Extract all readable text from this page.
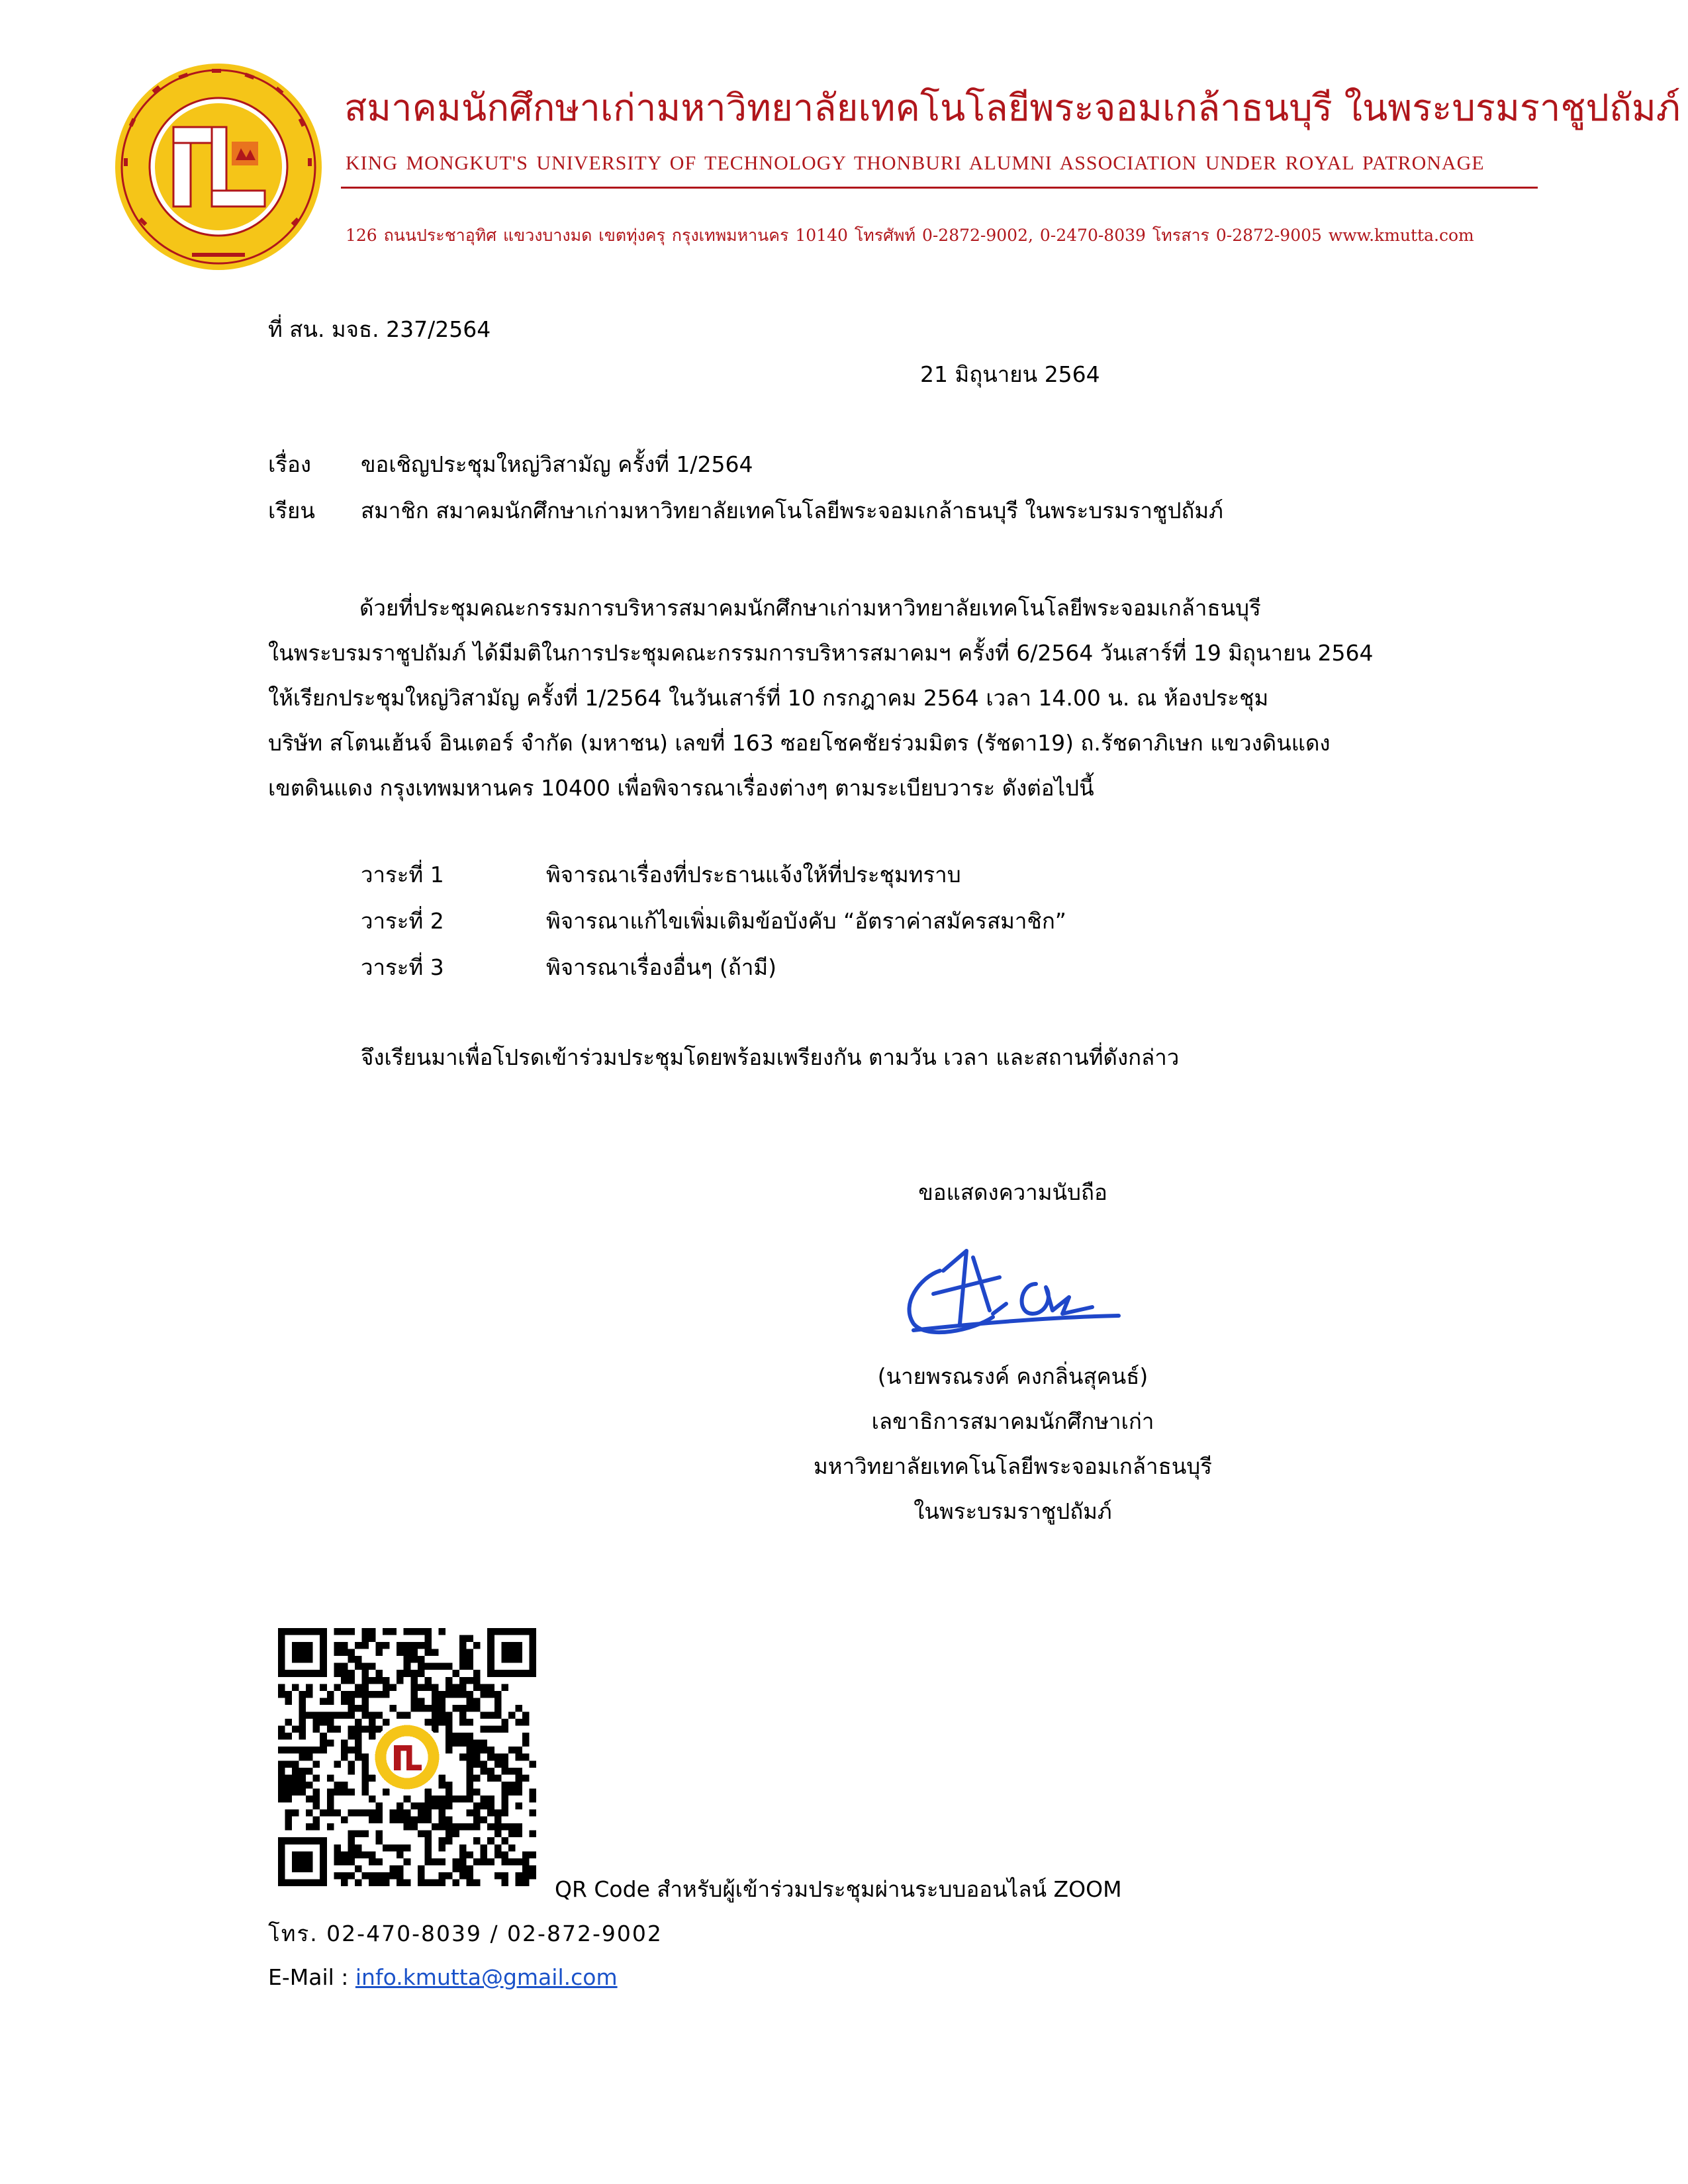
สมาคมนักศึกษาเก่ามหาวิทยาลัยเทคโนโลยีพระจอมเกล้าธนบุรี ในพระบรมราชูปถัมภ์
KING MONGKUT'S UNIVERSITY OF TECHNOLOGY THONBURI ALUMNI ASSOCIATION UNDER ROYAL PATRONAGE
126 ถนนประชาอุทิศ แขวงบางมด เขตทุ่งครุ กรุงเทพมหานคร 10140 โทรศัพท์ 0-2872-9002, 0-2470-8039 โทรสาร 0-2872-9005 www.kmutta.com
ที่ สน. มจธ. 237/2564
21 มิถุนายน 2564
เรื่อง ขอเชิญประชุมใหญ่วิสามัญ ครั้งที่ 1/2564
เรียน สมาชิก สมาคมนักศึกษาเก่ามหาวิทยาลัยเทคโนโลยีพระจอมเกล้าธนบุรี ในพระบรมราชูปถัมภ์

ด้วยที่ประชุมคณะกรรมการบริหารสมาคมนักศึกษาเก่ามหาวิทยาลัยเทคโนโลยีพระจอมเกล้าธนบุรี

ในพระบรมราชูปถัมภ์ ได้มีมติในการประชุมคณะกรรมการบริหารสมาคมฯ ครั้งที่ 6/2564 วันเสาร์ที่ 19 มิถุนายน 2564

ให้เรียกประชุมใหญ่วิสามัญ ครั้งที่ 1/2564 ในวันเสาร์ที่ 10 กรกฎาคม 2564 เวลา 14.00 น. ณ ห้องประชุม

บริษัท สโตนเฮ้นจ์ อินเตอร์ จำกัด (มหาชน) เลขที่ 163 ซอยโชคชัยร่วมมิตร (รัชดา19) ถ.รัชดาภิเษก แขวงดินแดง

เขตดินแดง กรุงเทพมหานคร 10400 เพื่อพิจารณาเรื่องต่างๆ ตามระเบียบวาระ ดังต่อไปนี้

วาระที่ 1	พิจารณาเรื่องที่ประธานแจ้งให้ที่ประชุมทราบ
วาระที่ 2	พิจารณาแก้ไขเพิ่มเติมข้อบังคับ “อัตราค่าสมัครสมาชิก”
วาระที่ 3	พิจารณาเรื่องอื่นๆ (ถ้ามี)
จึงเรียนมาเพื่อโปรดเข้าร่วมประชุมโดยพร้อมเพรียงกัน ตามวัน เวลา และสถานที่ดังกล่าว
ขอแสดงความนับถือ
(นายพรณรงค์ คงกลิ่นสุคนธ์)
เลขาธิการสมาคมนักศึกษาเก่า
มหาวิทยาลัยเทคโนโลยีพระจอมเกล้าธนบุรี
ในพระบรมราชูปถัมภ์
QR Code สำหรับผู้เข้าร่วมประชุมผ่านระบบออนไลน์ ZOOM
โทร. 02-470-8039 / 02-872-9002
E-Mail : info.kmutta@gmail.com
